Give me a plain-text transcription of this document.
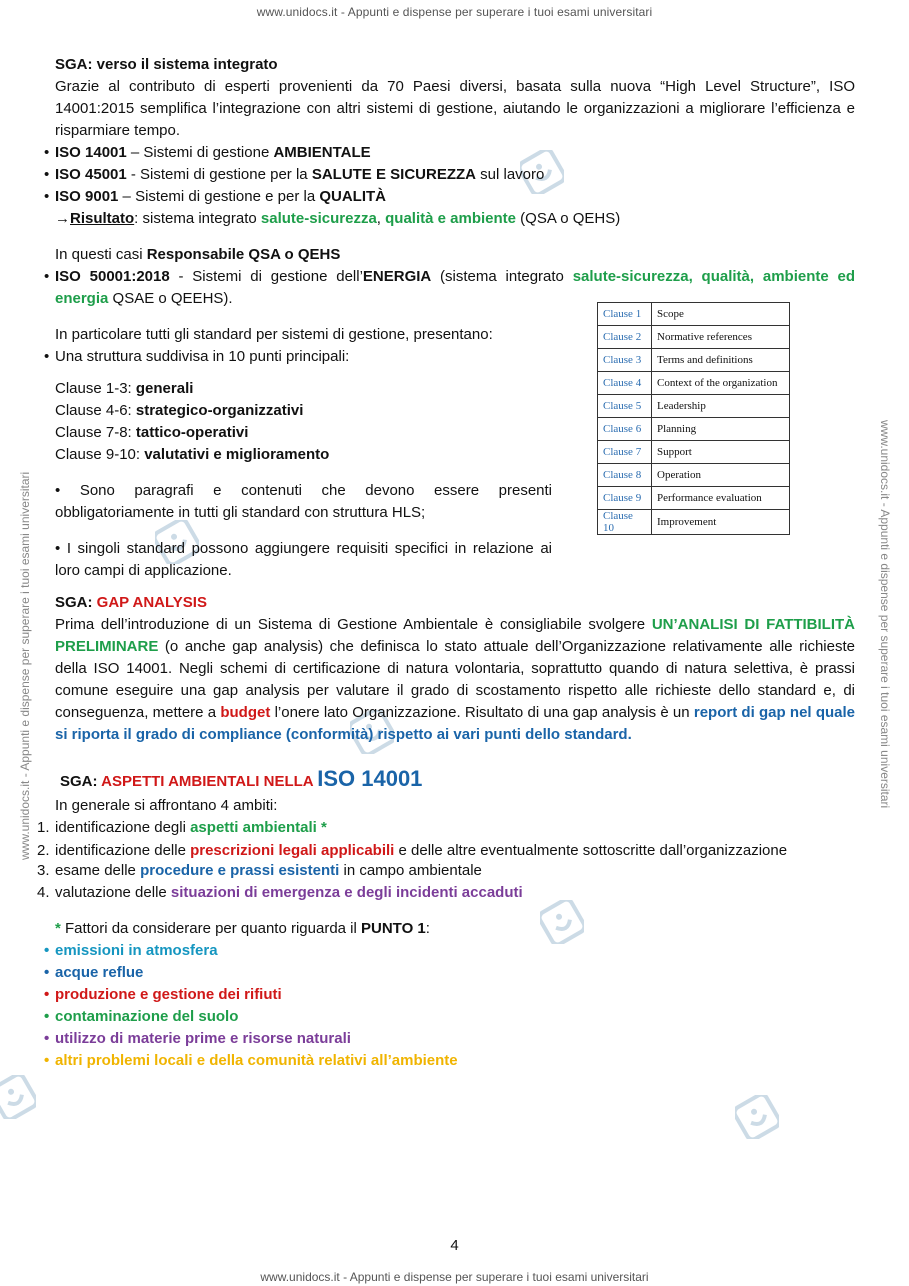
www.unidocs.it - Appunti e dispense per superare i tuoi esami universitari
www.unidocs.it - Appunti e dispense per superare i tuoi esami universitari	www.unidocs.it - Appunti e dispense per superare i tuoi esami universitari

SGA: verso il sistema integrato

Grazie al contributo di esperti provenienti da 70 Paesi diversi, basata sulla nuova “High Level Structure”, ISO 14001:2015 semplifica l’integrazione con altri sistemi di gestione, aiutando le organizzazioni a migliorare l’efficienza e risparmiare tempo.

• ISO 14001 – Sistemi di gestione AMBIENTALE

• ISO 45001 - Sistemi di gestione per la SALUTE E SICUREZZA sul lavoro

• ISO 9001 – Sistemi di gestione e per la QUALITÀ

→Risultato: sistema integrato salute-sicurezza, qualità e ambiente (QSA o QEHS)

In questi casi Responsabile QSA o QEHS

• ISO 50001:2018 - Sistemi di gestione dell’ENERGIA (sistema integrato salute-sicurezza, qualità, ambiente ed energia QSAE o QEEHS).

In particolare tutti gli standard per sistemi di gestione, presentano:

• Una struttura suddivisa in 10 punti principali:

Clause 1-3: generali

Clause 4-6: strategico-organizzativi

Clause 7-8: tattico-operativi

Clause 9-10: valutativi e miglioramento

• Sono paragrafi e contenuti che devono essere presenti obbligatoriamente in tutti gli standard con struttura HLS;

• I singoli standard possono aggiungere requisiti specifici in relazione ai loro campi di applicazione.

SGA: GAP ANALYSIS

Prima dell’introduzione di un Sistema di Gestione Ambientale è consigliabile svolgere UN’ANALISI DI FATTIBILITÀ PRELIMINARE (o anche gap analysis) che definisca lo stato attuale dell’Organizzazione relativamente alle richieste della ISO 14001. Negli schemi di certificazione di natura volontaria, soprattutto quando di natura selettiva, è prassi comune eseguire una gap analysis per valutare il grado di scostamento rispetto alle richieste dello standard e, di conseguenza, mettere a budget l’onere lato Organizzazione. Risultato di una gap analysis è un report di gap nel quale si riporta il grado di compliance (conformità) rispetto ai vari punti dello standard.

SGA: ASPETTI AMBIENTALI NELLA ISO 14001

In generale si affrontano 4 ambiti:

1. identificazione degli aspetti ambientali *
2. identificazione delle prescrizioni legali applicabili e delle altre eventualmente sottoscritte dall’organizzazione
3. esame delle procedure e prassi esistenti in campo ambientale
4. valutazione delle situazioni di emergenza e degli incidenti accaduti

* Fattori da considerare per quanto riguarda il PUNTO 1:

• emissioni in atmosfera

• acque reflue

• produzione e gestione dei rifiuti

• contaminazione del suolo

• utilizzo di materie prime e risorse naturali

• altri problemi locali e della comunità relativi all’ambiente

Clause 1	Scope
Clause 2	Normative references
Clause 3	Terms and definitions
Clause 4	Context of the organization
Clause 5	Leadership
Clause 6	Planning
Clause 7	Support
Clause 8	Operation
Clause 9	Performance evaluation
Clause 10	Improvement
4
www.unidocs.it - Appunti e dispense per superare i tuoi esami universitari
